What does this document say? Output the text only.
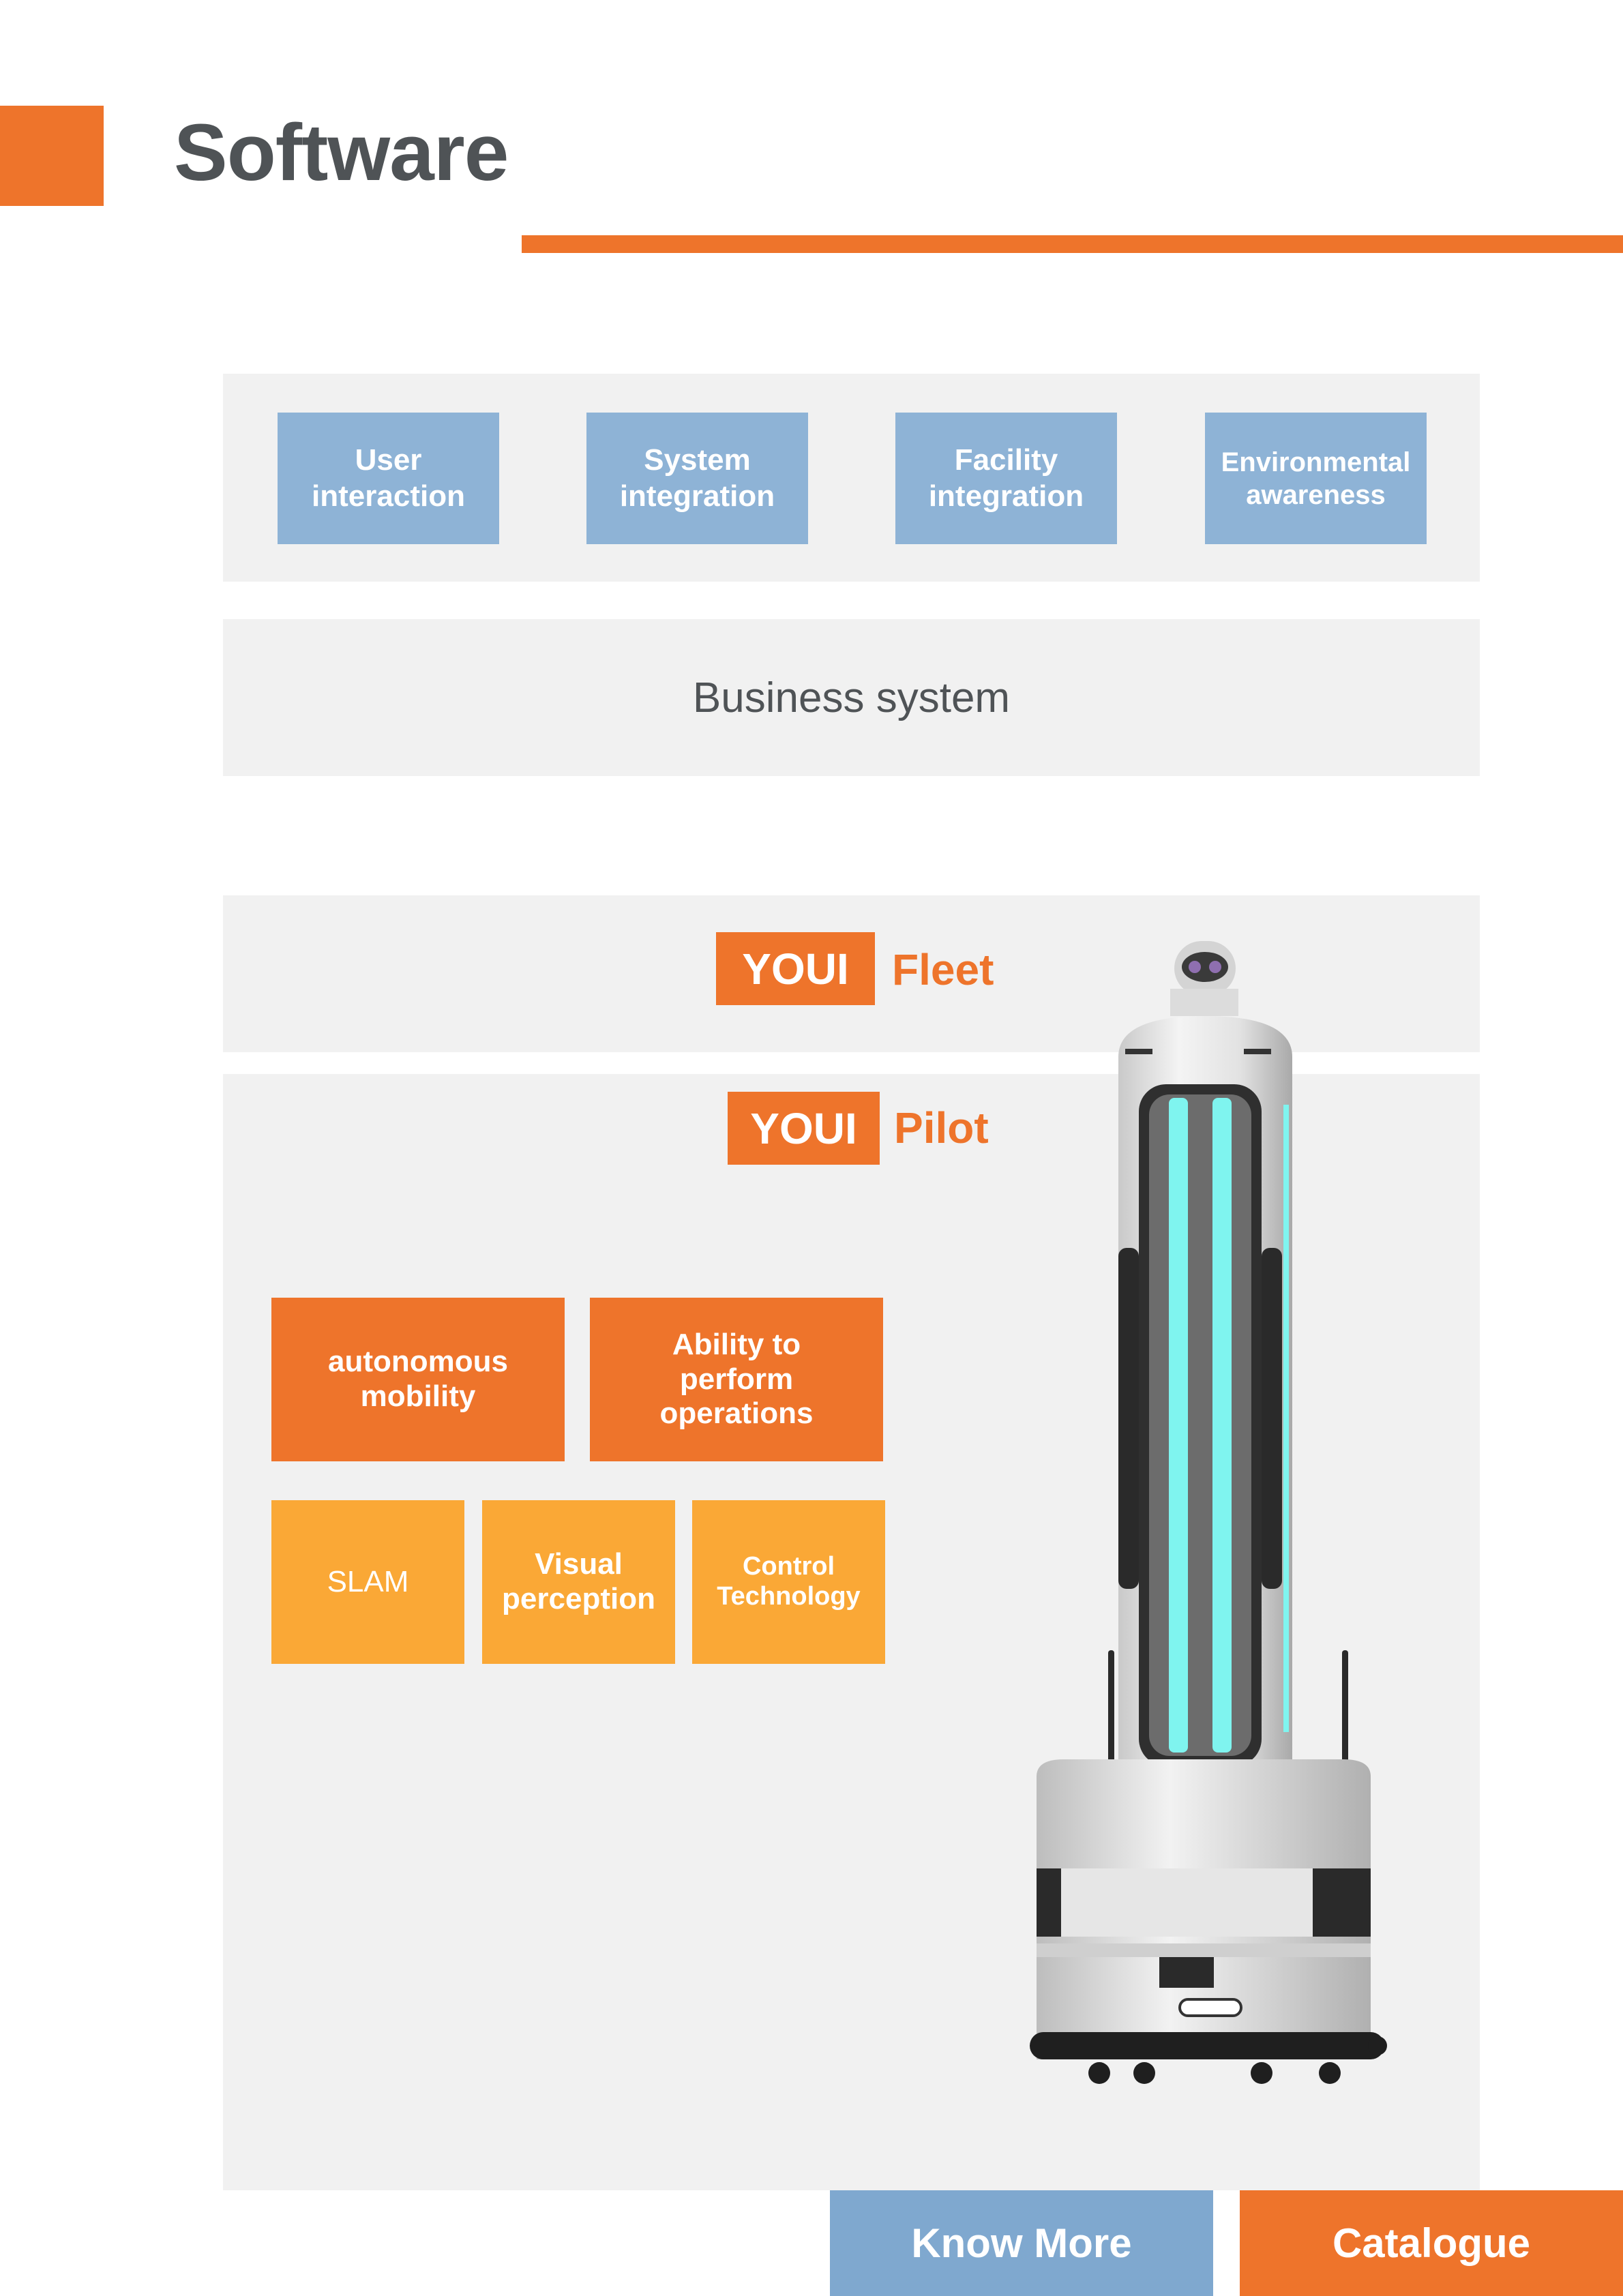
Software
User interaction
System integration
Facility integration
Environmental awareness
Business system
YOUI Fleet
YOUI Pilot
autonomous mobility
Ability to perform operations
SLAM
Visual perception
Control Technology
Know More	Catalogue
